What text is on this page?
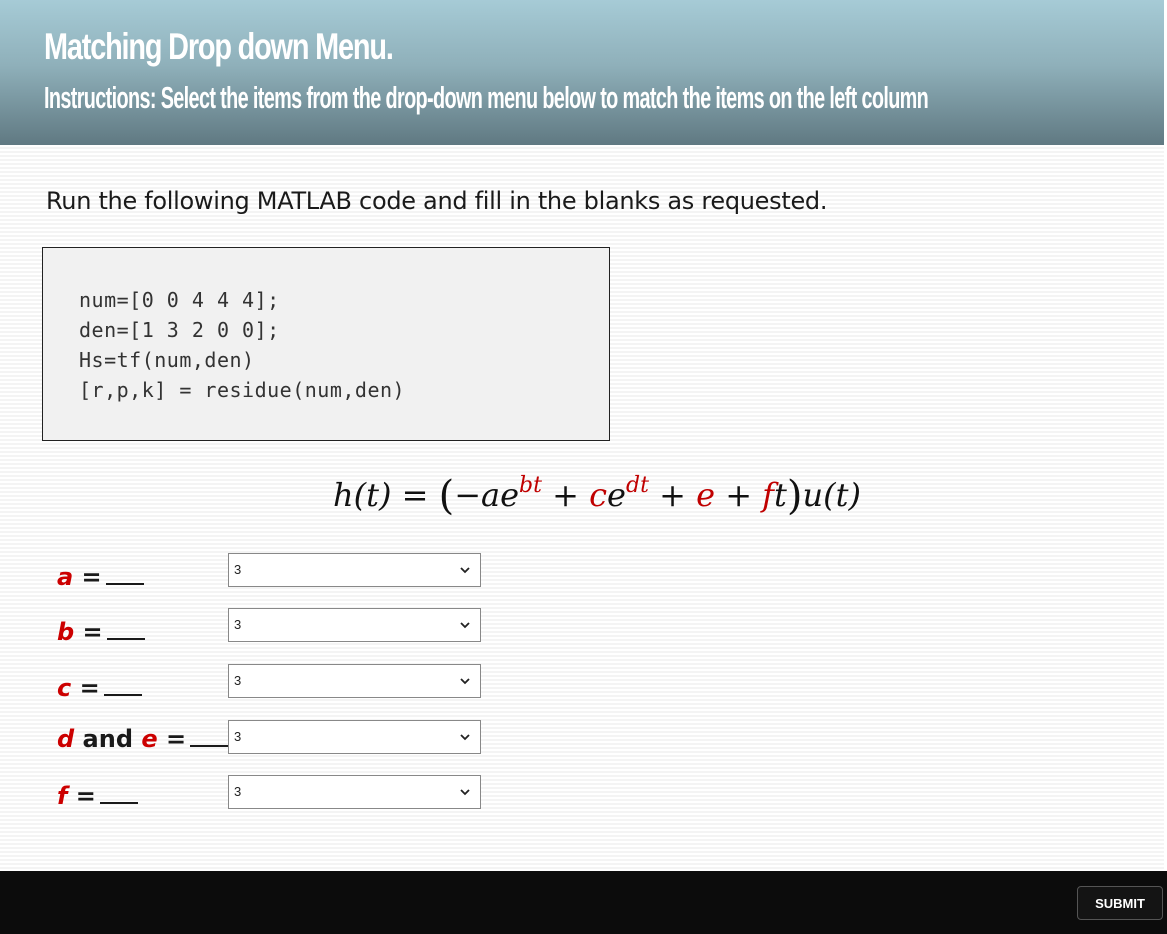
Matching Drop down Menu.
Instructions: Select the items from the drop-down menu below to match the items on the left column
Run the following MATLAB code and fill in the blanks as requested.
num=[0 0 4 4 4];
den=[1 3 2 0 0];
Hs=tf(num,den)
[r,p,k] = residue(num,den)
$h(t) = (-ae^{bt} + ce^{dt} + e + ft)u(t)$
a =	3
b =	3
c =	3
d and e =	3
f =	3
SUBMIT
